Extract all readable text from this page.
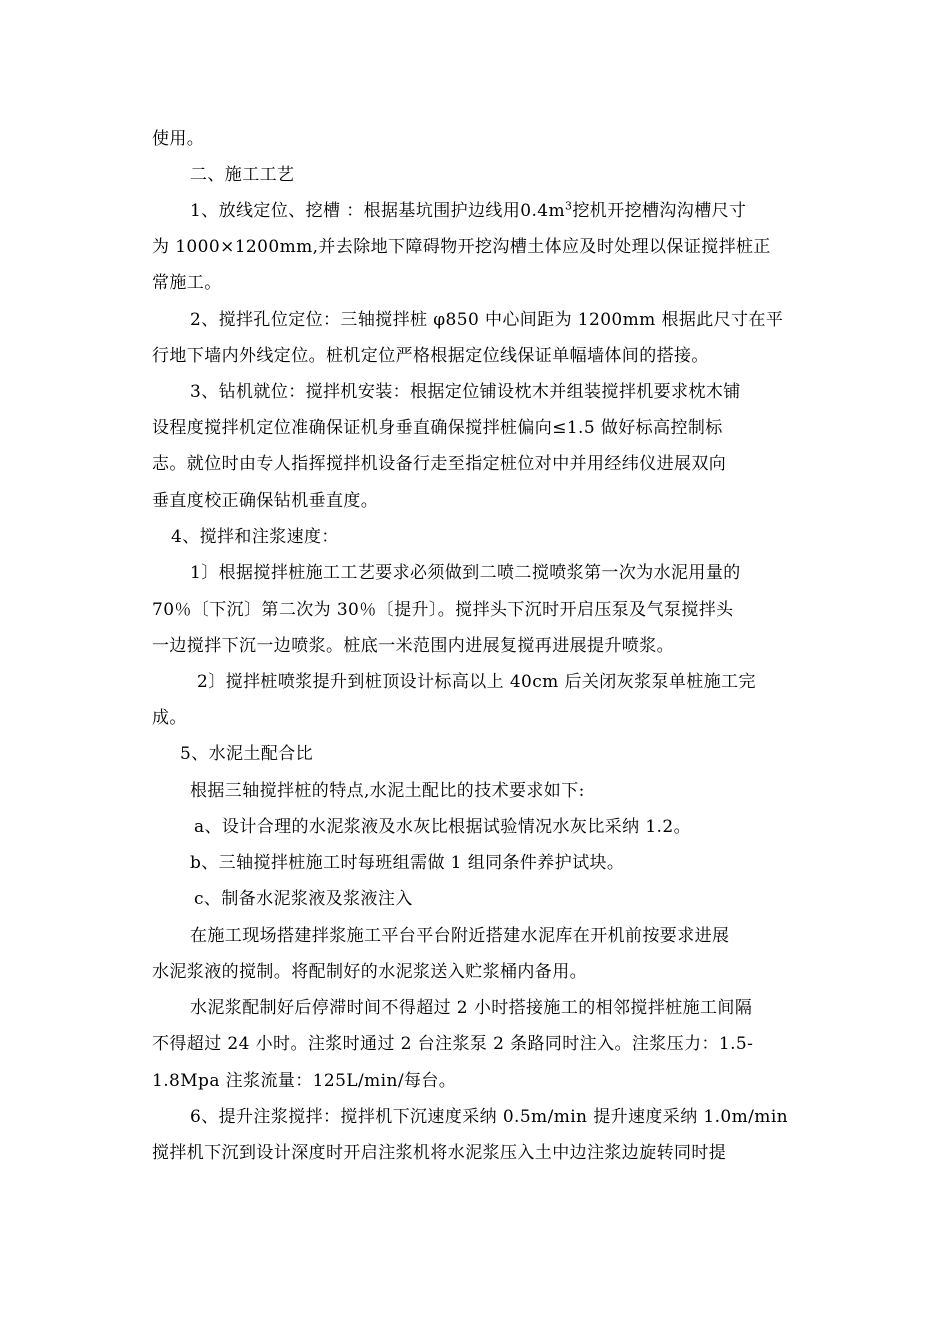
使用。
二、施工工艺
1、放线定位、挖槽 ：根据基坑围护边线用$0.4m^3$挖机开挖槽沟沟槽尺寸
为 1000×1200mm,并去除地下障碍物开挖沟槽土体应及时处理以保证搅拌桩正
常施工。
2、搅拌孔位定位：三轴搅拌桩 φ850 中心间距为 1200mm 根据此尺寸在平
行地下墙内外线定位。桩机定位严格根据定位线保证单幅墙体间的搭接。
3、钻机就位：搅拌机安装：根据定位铺设枕木并组装搅拌机要求枕木铺
设程度搅拌机定位准确保证机身垂直确保搅拌桩偏向≤1.5 做好标高控制标
志。就位时由专人指挥搅拌机设备行走至指定桩位对中并用经纬仪进展双向
垂直度校正确保钻机垂直度。
4、搅拌和注浆速度：
1〕根据搅拌桩施工工艺要求必须做到二喷二搅喷浆第一次为水泥用量的
70％〔下沉〕第二次为 30％〔提升〕。搅拌头下沉时开启压泵及气泵搅拌头
一边搅拌下沉一边喷浆。桩底一米范围内进展复搅再进展提升喷浆。
2〕搅拌桩喷浆提升到桩顶设计标高以上 40cm 后关闭灰浆泵单桩施工完
成。
5、水泥土配合比
根据三轴搅拌桩的特点,水泥土配比的技术要求如下:
a、设计合理的水泥浆液及水灰比根据试验情况水灰比采纳 1.2。
b、三轴搅拌桩施工时每班组需做 1 组同条件养护试块。
c、制备水泥浆液及浆液注入
在施工现场搭建拌浆施工平台平台附近搭建水泥库在开机前按要求进展
水泥浆液的搅制。将配制好的水泥浆送入贮浆桶内备用。
水泥浆配制好后停滞时间不得超过 2 小时搭接施工的相邻搅拌桩施工间隔
不得超过 24 小时。注浆时通过 2 台注浆泵 2 条路同时注入。注浆压力：1.5-
1.8Mpa 注浆流量：125L/min/每台。
6、提升注浆搅拌：搅拌机下沉速度采纳 0.5m/min 提升速度采纳 1.0m/min
搅拌机下沉到设计深度时开启注浆机将水泥浆压入土中边注浆边旋转同时提
